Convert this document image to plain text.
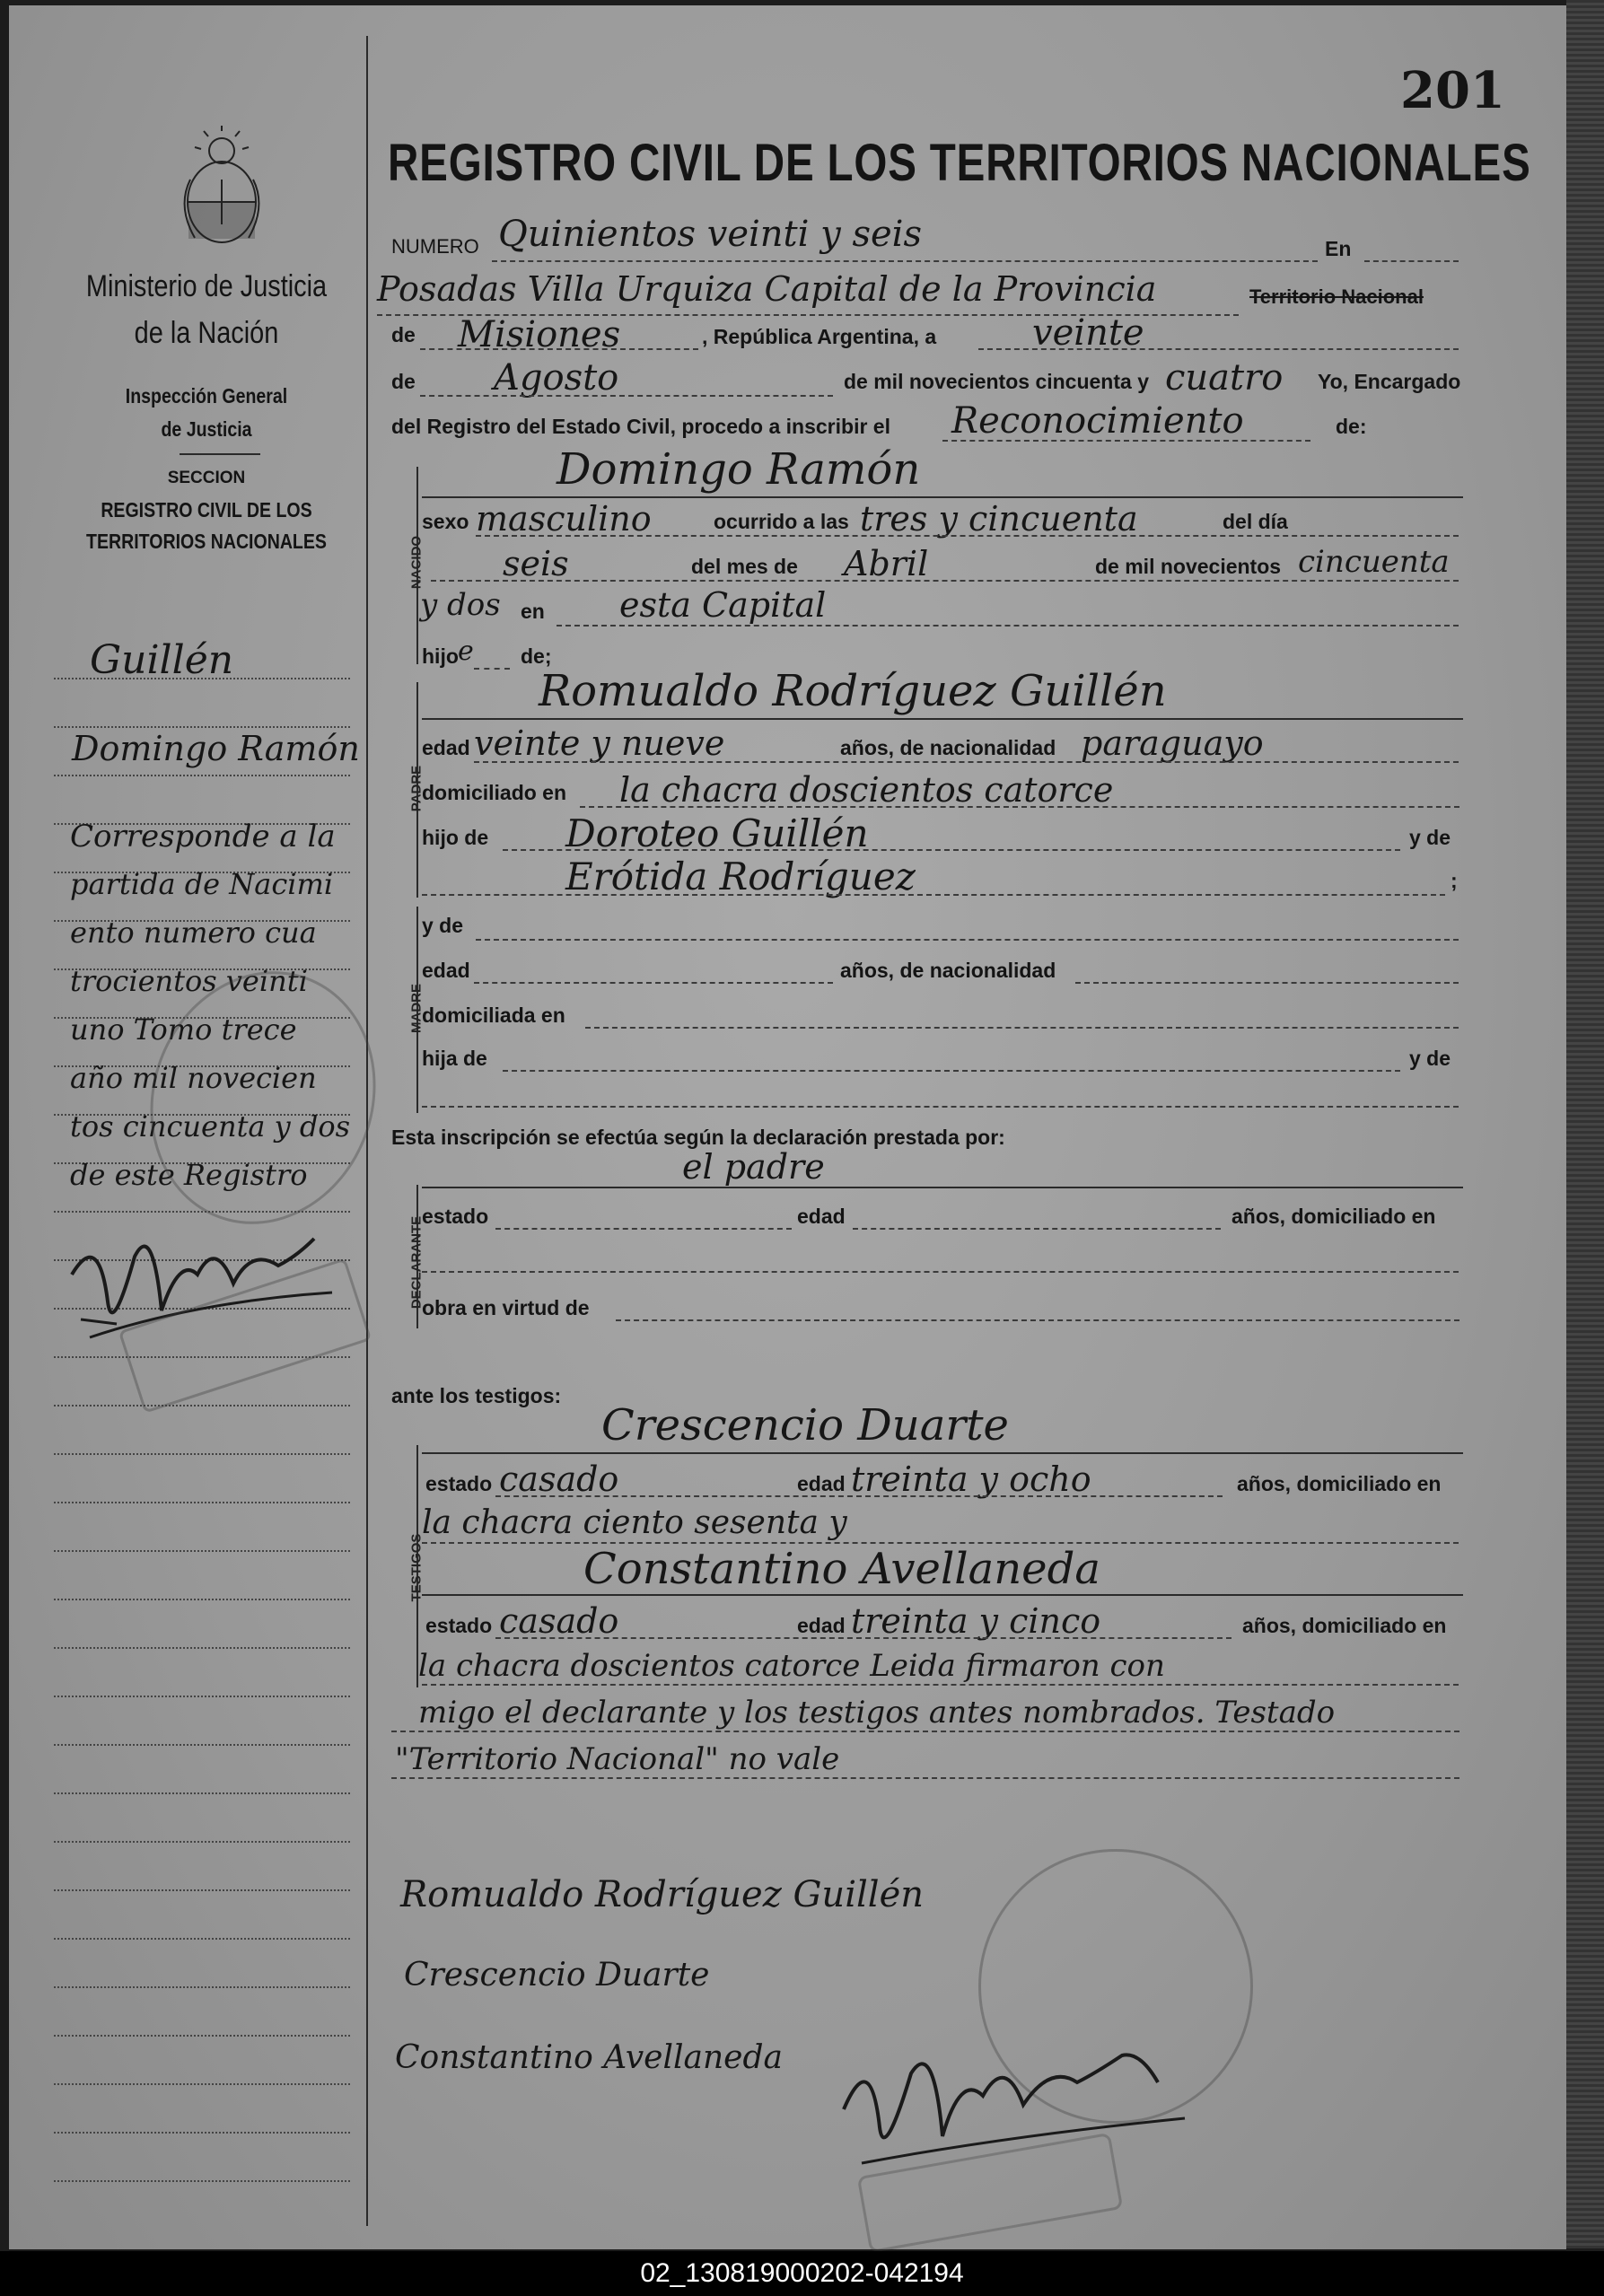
201
Ministerio de Justicia
de la Nación
Inspección General
de Justicia
SECCION
REGISTRO CIVIL DE LOS
TERRITORIOS NACIONALES
Guillén
Domingo Ramón
Corresponde a la
partida de Nacimi
ento numero cua
trocientos veinti
uno Tomo trece
año mil novecien
tos cincuenta y dos
de este Registro
REGISTRO CIVIL DE LOS TERRITORIOS NACIONALES
NUMERO Quinientos veinti y seis	En
Posadas Villa Urquiza Capital de la Provincia	Territorio Nacional
de Misiones	, República Argentina, a	veinte
de Agosto	de mil novecientos cincuenta y cuatro Yo, Encargado
del Registro del Estado Civil, procedo a inscribir el Reconocimiento	de:
NACIDO
Domingo Ramón
sexo masculino	ocurrido a las tres y cincuenta	del día
seis	del mes de Abril	de mil novecientos cincuenta
y dos en esta Capital
hijo e de;
PADRE
Romualdo Rodríguez Guillén
edad veinte y nueve	años, de nacionalidad paraguayo
domiciliado en la chacra doscientos catorce
hijo de Doroteo Guillén	y de
Erótida Rodríguez	;
MADRE
y de
edad	años, de nacionalidad
domiciliada en
hija de	y de
Esta inscripción se efectúa según la declaración prestada por:
el padre
DECLARANTE
estado	edad	años, domiciliado en
obra en virtud de
ante los testigos:
TESTIGOS
Crescencio Duarte
estado casado	edad treinta y ocho	años, domiciliado en
la chacra ciento sesenta y
Constantino Avellaneda
estado casado	edad treinta y cinco	años, domiciliado en
la chacra doscientos catorce Leida firmaron con
migo el declarante y los testigos antes nombrados. Testado
"Territorio Nacional" no vale
Romualdo Rodríguez Guillén
Crescencio Duarte
Constantino Avellaneda
02_130819000202-042194
